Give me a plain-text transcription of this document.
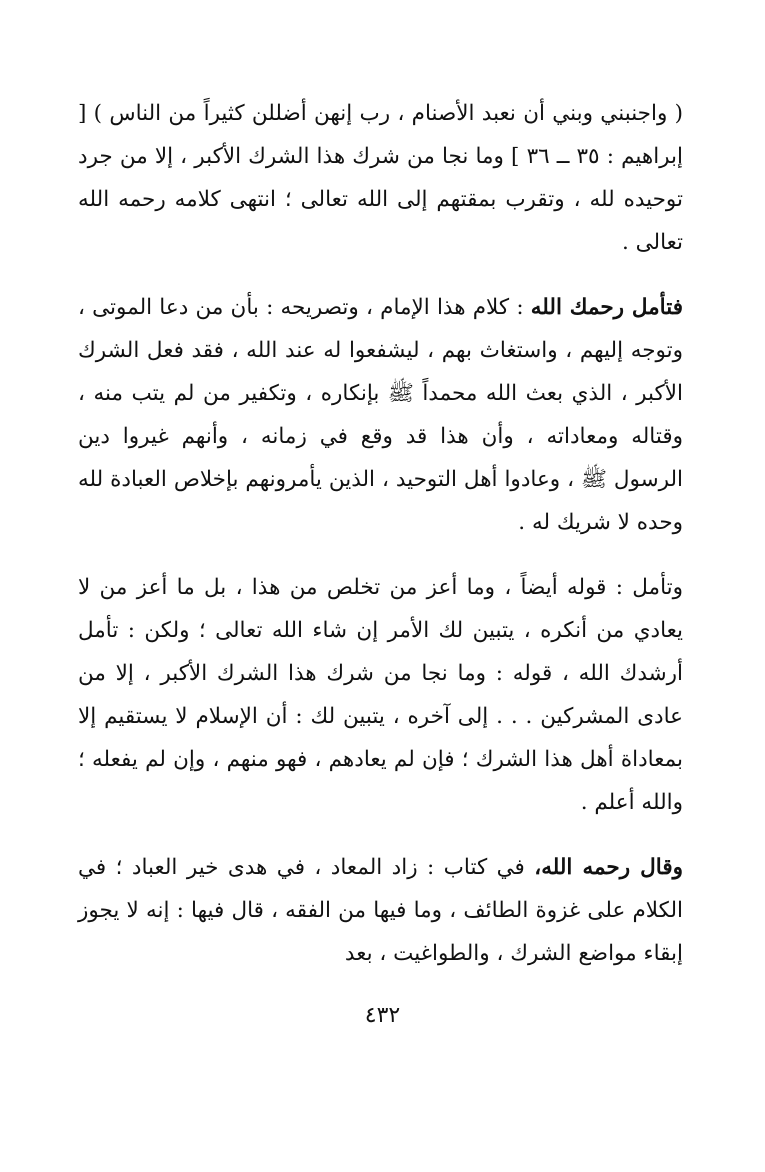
( واجنبني وبني أن نعبد الأصنام ، رب إنهن أضللن كثيراً من الناس ) [ إبراهيم : ٣٥ ــ ٣٦ ] وما نجا من شرك هذا الشرك الأكبر ، إلا من جرد توحيده لله ، وتقرب بمقتهم إلى الله تعالى ؛ انتهى كلامه رحمه الله تعالى .

فتأمل رحمك الله : كلام هذا الإمام ، وتصريحه : بأن من دعا الموتى ، وتوجه إليهم ، واستغاث بهم ، ليشفعوا له عند الله ، فقد فعل الشرك الأكبر ، الذي بعث الله محمداً ﷺ بإنكاره ، وتكفير من لم يتب منه ، وقتاله ومعاداته ، وأن هذا قد وقع في زمانه ، وأنهم غيروا دين الرسول ﷺ ، وعادوا أهل التوحيد ، الذين يأمرونهم بإخلاص العبادة لله وحده لا شريك له .

وتأمل : قوله أيضاً ، وما أعز من تخلص من هذا ، بل ما أعز من لا يعادي من أنكره ، يتبين لك الأمر إن شاء الله تعالى ؛ ولكن : تأمل أرشدك الله ، قوله : وما نجا من شرك هذا الشرك الأكبر ، إلا من عادى المشركين . . . إلى آخره ، يتبين لك : أن الإسلام لا يستقيم إلا بمعاداة أهل هذا الشرك ؛ فإن لم يعادهم ، فهو منهم ، وإن لم يفعله ؛ والله أعلم .

وقال رحمه الله، في كتاب : زاد المعاد ، في هدى خير العباد ؛ في الكلام على غزوة الطائف ، وما فيها من الفقه ، قال فيها : إنه لا يجوز إبقاء مواضع الشرك ، والطواغيت ، بعد

٤٣٢
